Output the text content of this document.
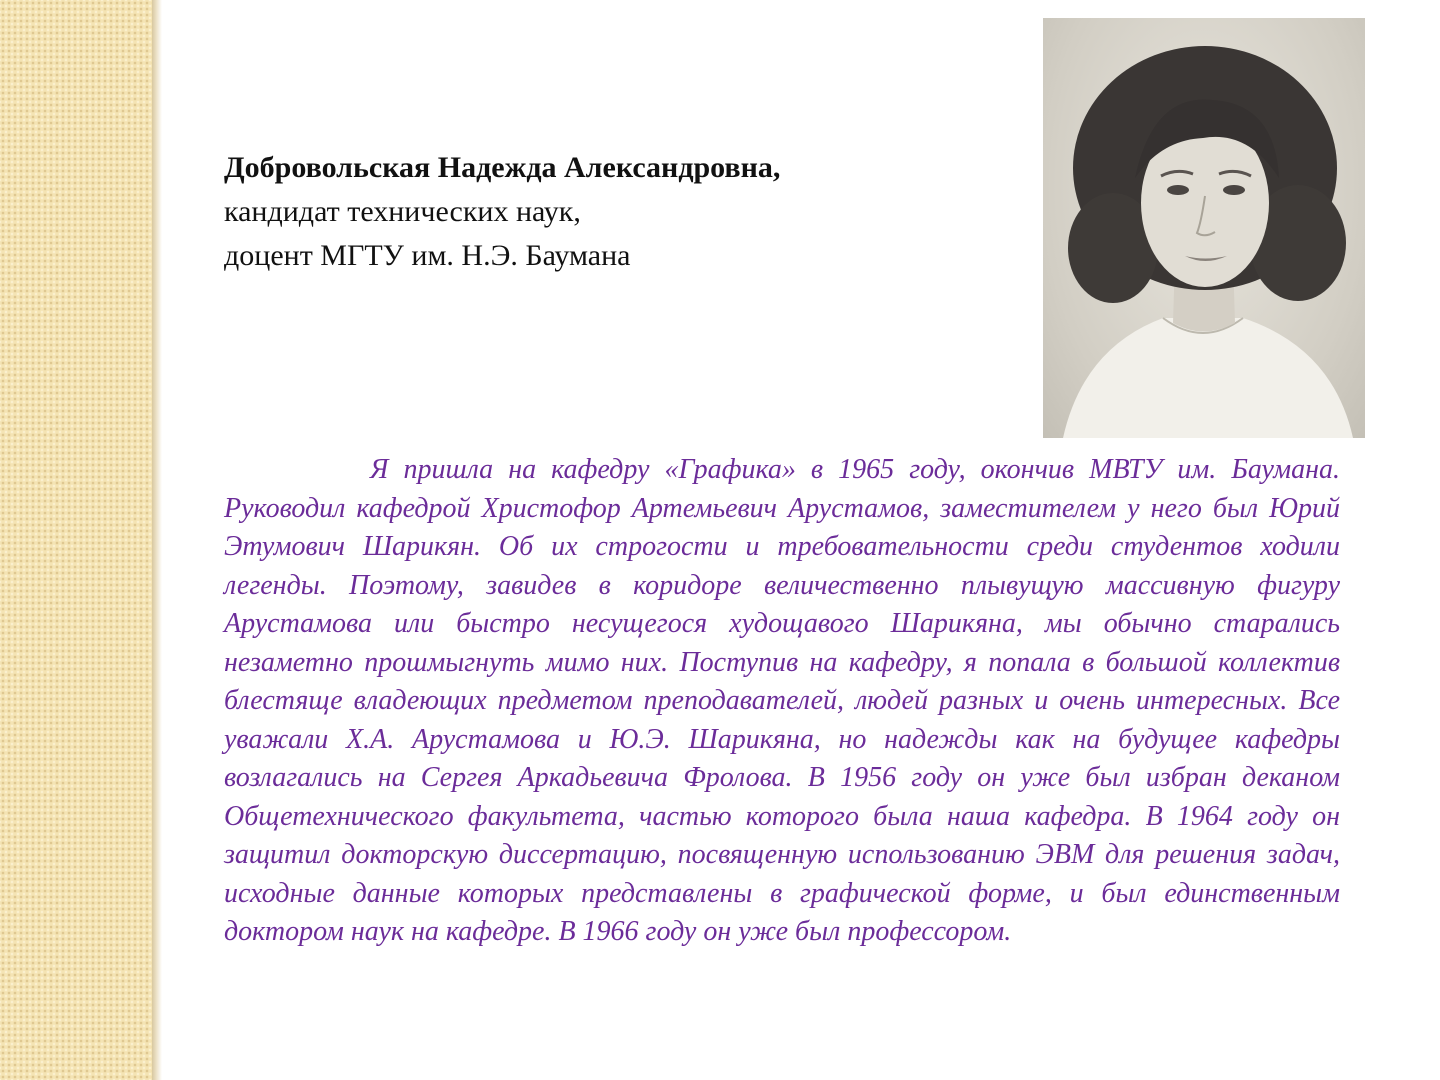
Добровольская Надежда Александровна,
кандидат технических наук,
доцент МГТУ им. Н.Э. Баумана

Я пришла на кафедру «Графика» в 1965 году, окончив МВТУ им. Баумана. Руководил кафедрой Христофор Артемьевич Арустамов, заместителем у него был Юрий Этумович Шарикян. Об их строгости и требовательности среди студентов ходили легенды. Поэтому, завидев в коридоре величественно плывущую массивную фигуру Арустамова или быстро несущегося худощавого Шарикяна, мы обычно старались незаметно прошмыгнуть мимо них. Поступив на кафедру, я попала в большой коллектив блестяще владеющих предметом преподавателей, людей разных и очень интересных. Все уважали Х.А. Арустамова и Ю.Э. Шарикяна, но надежды как на будущее кафедры возлагались на Сергея Аркадьевича Фролова. В 1956 году он уже был избран деканом Общетехнического факультета, частью которого была наша кафедра. В 1964 году он защитил докторскую диссертацию, посвященную использованию ЭВМ для решения задач, исходные данные которых представлены в графической форме, и был единственным доктором наук на кафедре. В 1966 году он уже был профессором.
